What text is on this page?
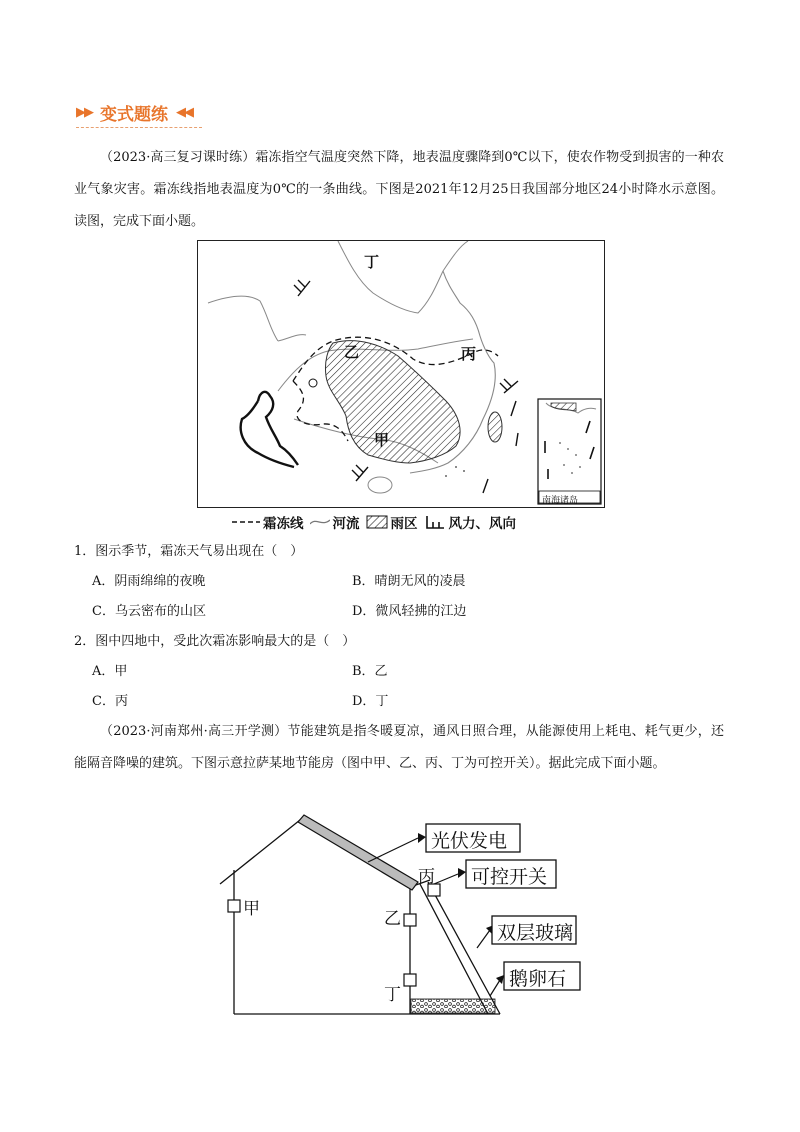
▶▶ 变式题练 ◀◀

（2023·高三复习课时练）霜冻指空气温度突然下降，地表温度骤降到0℃以下，使农作物受到损害的一种农业气象灾害。霜冻线指地表温度为0℃的一条曲线。下图是2021年12月25日我国部分地区24小时降水示意图。读图，完成下面小题。

丁
乙	丙
甲
南海诸岛
霜冻线 河流 雨区 风力、风向
1．图示季节，霜冻天气易出现在（　）
A．阴雨绵绵的夜晚	B．晴朗无风的凌晨
C．乌云密布的山区	D．微风轻拂的江边
2．图中四地中，受此次霜冻影响最大的是（　）
A．甲	B．乙
C．丙	D．丁

（2023·河南郑州·高三开学测）节能建筑是指冬暖夏凉，通风日照合理，从能源使用上耗电、耗气更少，还能隔音降噪的建筑。下图示意拉萨某地节能房（图中甲、乙、丙、丁为可控开关）。据此完成下面小题。

光伏发电
可控开关
双层玻璃
鹅卵石
甲	乙
丙
丁
